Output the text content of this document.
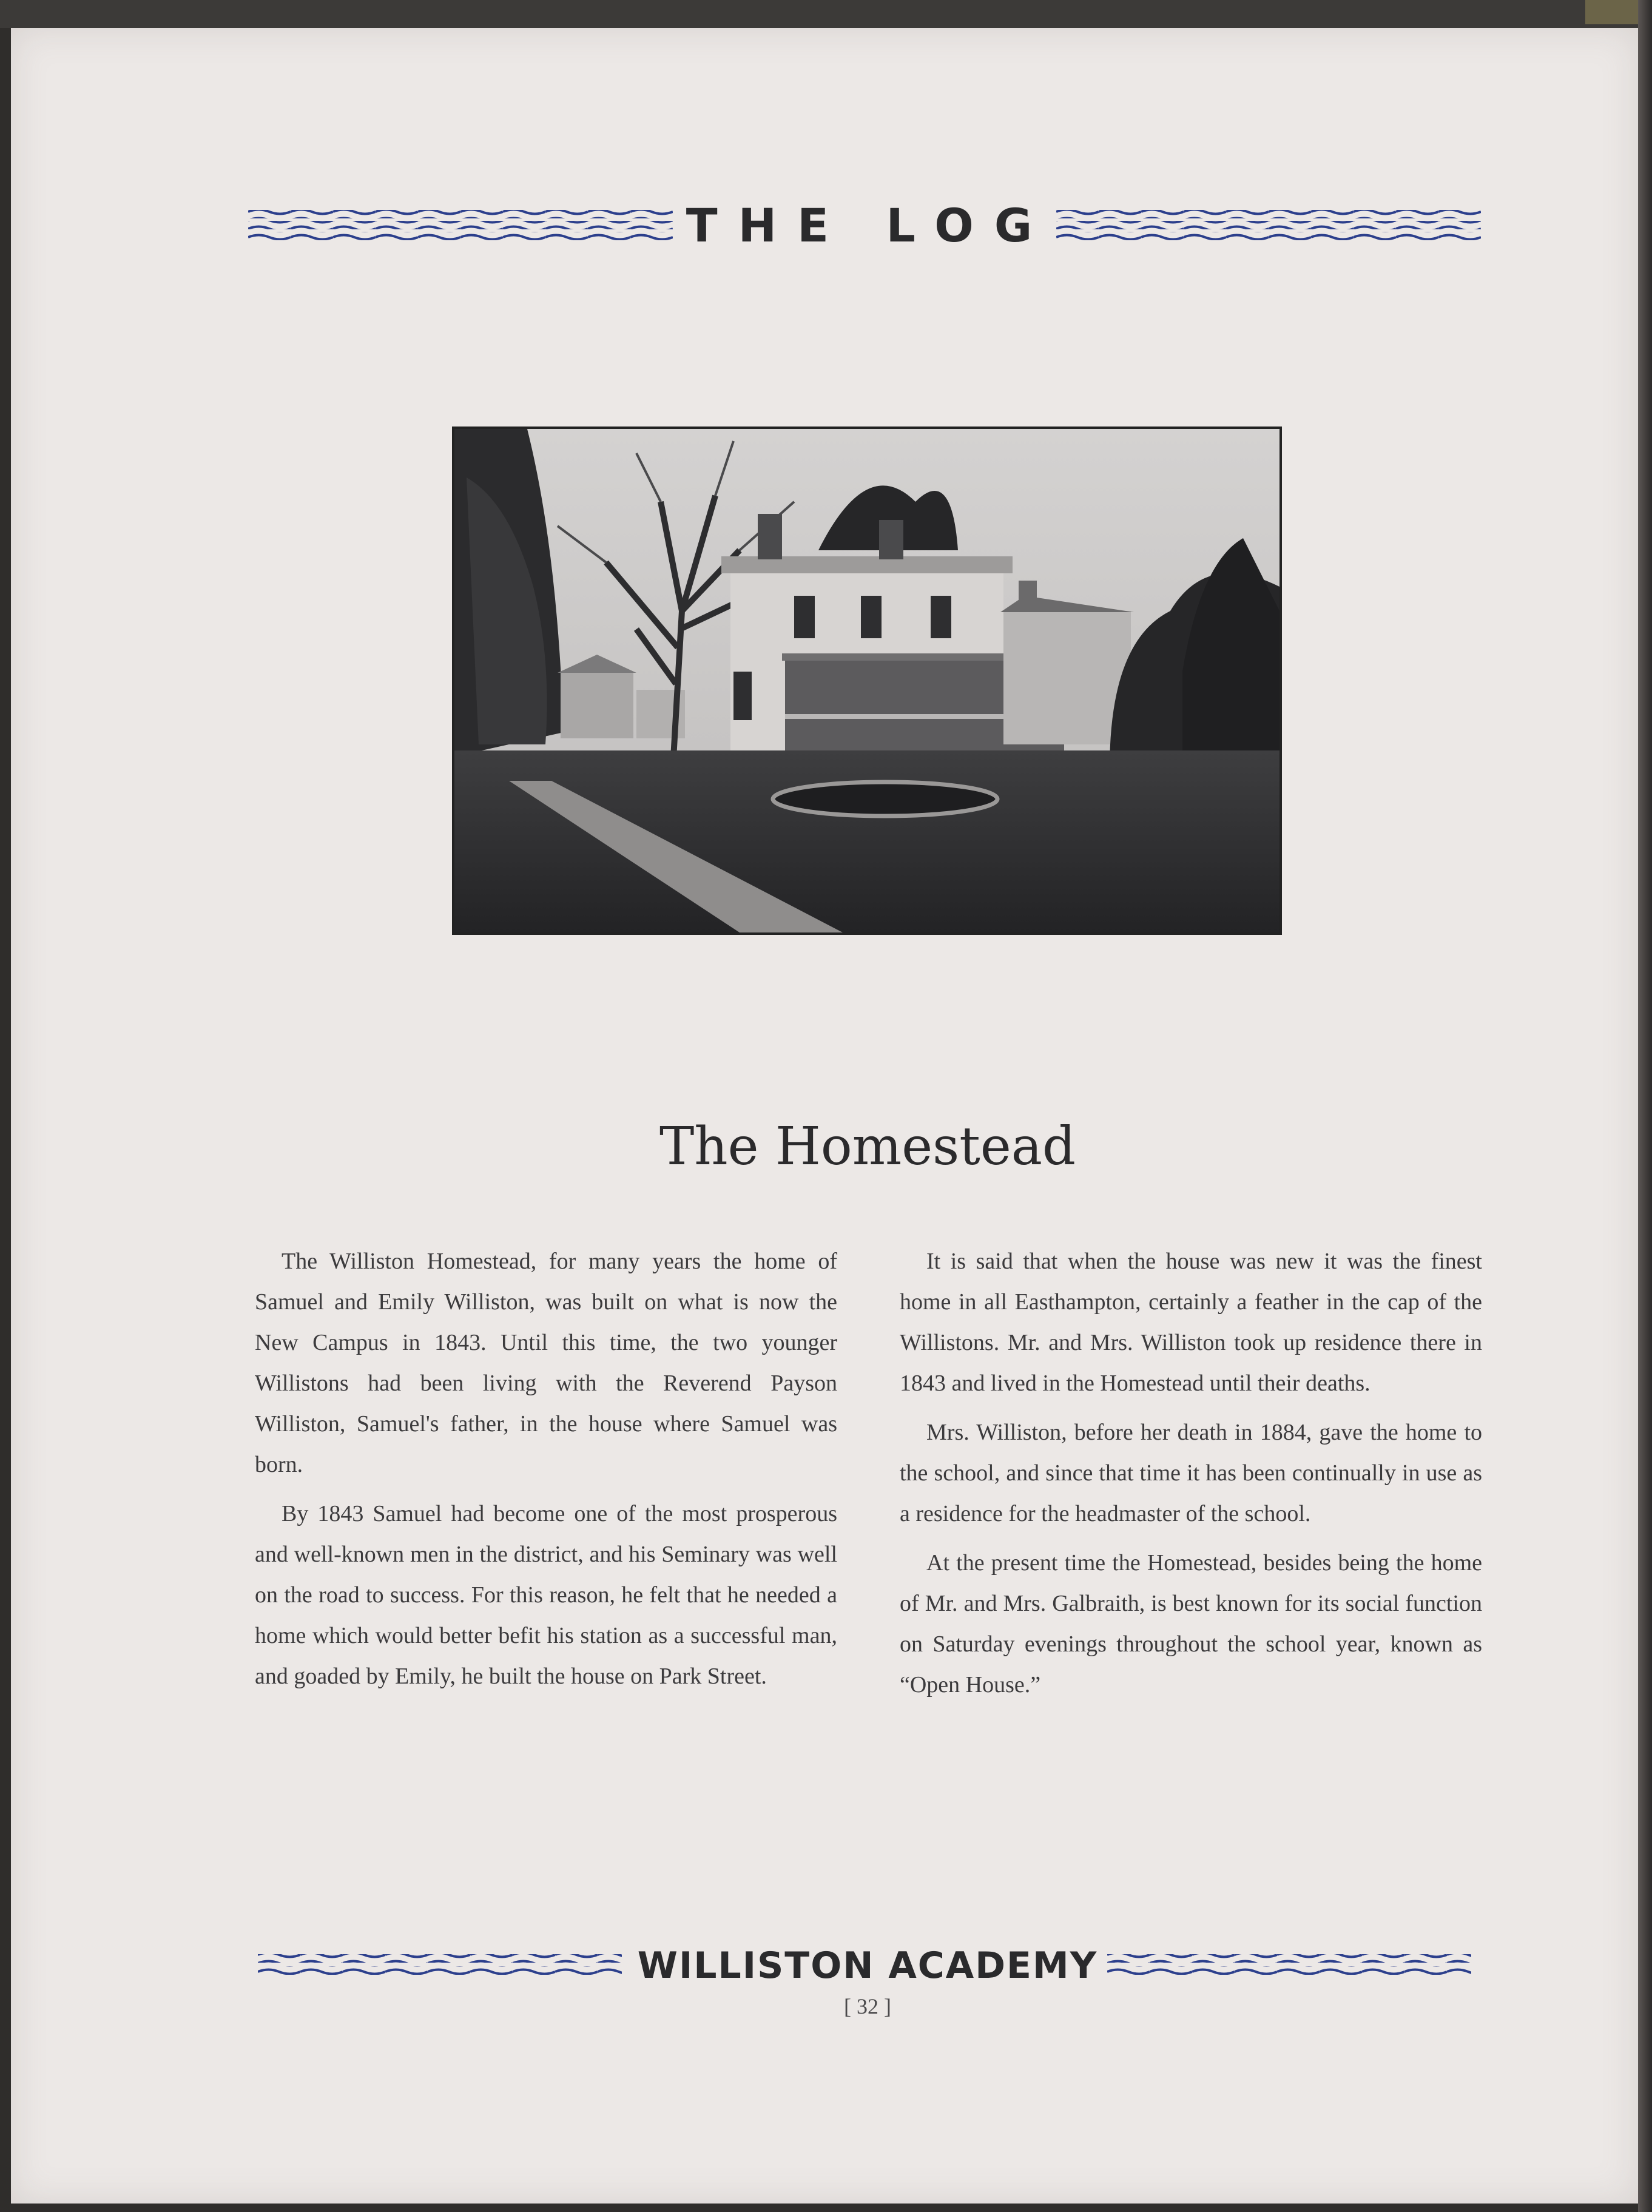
THE LOG
The Homestead

The Williston Homestead, for many years the home of Samuel and Emily Williston, was built on what is now the New Campus in 1843. Until this time, the two younger Willistons had been living with the Reverend Payson Williston, Samuel's father, in the house where Samuel was born.

By 1843 Samuel had become one of the most prosperous and well-known men in the district, and his Seminary was well on the road to success. For this reason, he felt that he needed a home which would better befit his station as a successful man, and goaded by Emily, he built the house on Park Street.

It is said that when the house was new it was the finest home in all Easthampton, certainly a feather in the cap of the Willistons. Mr. and Mrs. Williston took up residence there in 1843 and lived in the Homestead until their deaths.

Mrs. Williston, before her death in 1884, gave the home to the school, and since that time it has been continually in use as a residence for the headmaster of the school.

At the present time the Homestead, besides being the home of Mr. and Mrs. Galbraith, is best known for its social function on Saturday evenings throughout the school year, known as “Open House.”

WILLISTON ACADEMY
[ 32 ]
